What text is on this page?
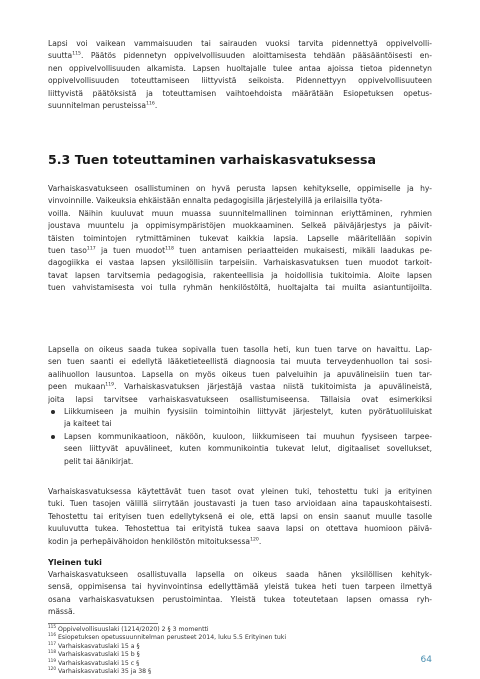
Lapsi voi vaikean vammaisuuden tai sairauden vuoksi tarvita pidennettyä oppivelvolli-
suutta$^{115}$. Päätös pidennetyn oppivelvollisuuden aloittamisesta tehdään pääsääntöisesti en-
nen oppivelvollisuuden alkamista. Lapsen huoltajalle tulee antaa ajoissa tietoa pidennetyn
oppivelvollisuuden toteuttamiseen liittyvistä seikoista. Pidennettyyn oppivelvollisuuteen
liittyvistä päätöksistä ja toteuttamisen vaihtoehdoista määrätään Esiopetuksen opetus-
suunnitelman perusteissa$^{116}$.
5.3 Tuen toteuttaminen varhaiskasvatuksessa
Varhaiskasvatukseen osallistuminen on hyvä perusta lapsen kehitykselle, oppimiselle ja hy-
vinvoinnille. Vaikeuksia ehkäistään ennalta pedagogisilla järjestelyillä ja erilaisilla työta-
voilla. Näihin kuuluvat muun muassa suunnitelmallinen toiminnan eriyttäminen, ryhmien
joustava muuntelu ja oppimisympäristöjen muokkaaminen. Selkeä päiväjärjestys ja päivit-
täisten toimintojen rytmittäminen tukevat kaikkia lapsia. Lapselle määritellään sopivin
tuen taso$^{117}$ ja tuen muodot$^{118}$ tuen antamisen periaatteiden mukaisesti, mikäli laadukas pe-
dagogiikka ei vastaa lapsen yksilöllisiin tarpeisiin. Varhaiskasvatuksen tuen muodot tarkoit-
tavat lapsen tarvitsemia pedagogisia, rakenteellisia ja hoidollisia tukitoimia. Aloite lapsen
tuen vahvistamisesta voi tulla ryhmän henkilöstöltä, huoltajalta tai muilta asiantuntijoilta.
Lapsella on oikeus saada tukea sopivalla tuen tasolla heti, kun tuen tarve on havaittu. Lap-
sen tuen saanti ei edellytä lääketieteellistä diagnoosia tai muuta terveydenhuollon tai sosi-
aalihuollon lausuntoa. Lapsella on myös oikeus tuen palveluihin ja apuvälineisiin tuen tar-
peen mukaan$^{119}$. Varhaiskasvatuksen järjestäjä vastaa niistä tukitoimista ja apuvälineistä,
joita lapsi tarvitsee varhaiskasvatukseen osallistumiseensa. Tällaisia ovat esimerkiksi
Liikkumiseen ja muihin fyysisiin toimintoihin liittyvät järjestelyt, kuten pyörätuoliluiskat
ja kaiteet tai
Lapsen kommunikaatioon, näköön, kuuloon, liikkumiseen tai muuhun fyysiseen tarpee-
seen liittyvät apuvälineet, kuten kommunikointia tukevat lelut, digitaaliset sovellukset,
pelit tai äänikirjat.
Varhaiskasvatuksessa käytettävät tuen tasot ovat yleinen tuki, tehostettu tuki ja erityinen
tuki. Tuen tasojen välillä siirrytään joustavasti ja tuen taso arvioidaan aina tapauskohtaisesti.
Tehostettu tai erityisen tuen edellytyksenä ei ole, että lapsi on ensin saanut muulle tasolle
kuuluvutta tukea. Tehostettua tai erityistä tukea saava lapsi on otettava huomioon päivä-
kodin ja perhepäivähoidon henkilöstön mitoituksessa$^{120}$.
Yleinen tuki
Varhaiskasvatukseen osallistuvalla lapsella on oikeus saada hänen yksilöllisen kehityk-
sensä, oppimisensa tai hyvinvointinsa edellyttämää yleistä tukea heti tuen tarpeen ilmettyä
osana varhaiskasvatuksen perustoimintaa. Yleistä tukea toteutetaan lapsen omassa ryh-
mässä.
$^{115}$ Oppivelvollisuuslaki (1214/2020) 2 § 3 momentti
$^{116}$ Esiopetuksen opetussuunnitelman perusteet 2014, luku 5.5 Erityinen tuki
$^{117}$ Varhaiskasvatuslaki 15 a §
$^{118}$ Varhaiskasvatuslaki 15 b §
$^{119}$ Varhaiskasvatuslaki 15 c §
$^{120}$ Varhaiskasvatuslaki 35 ja 38 §
64
